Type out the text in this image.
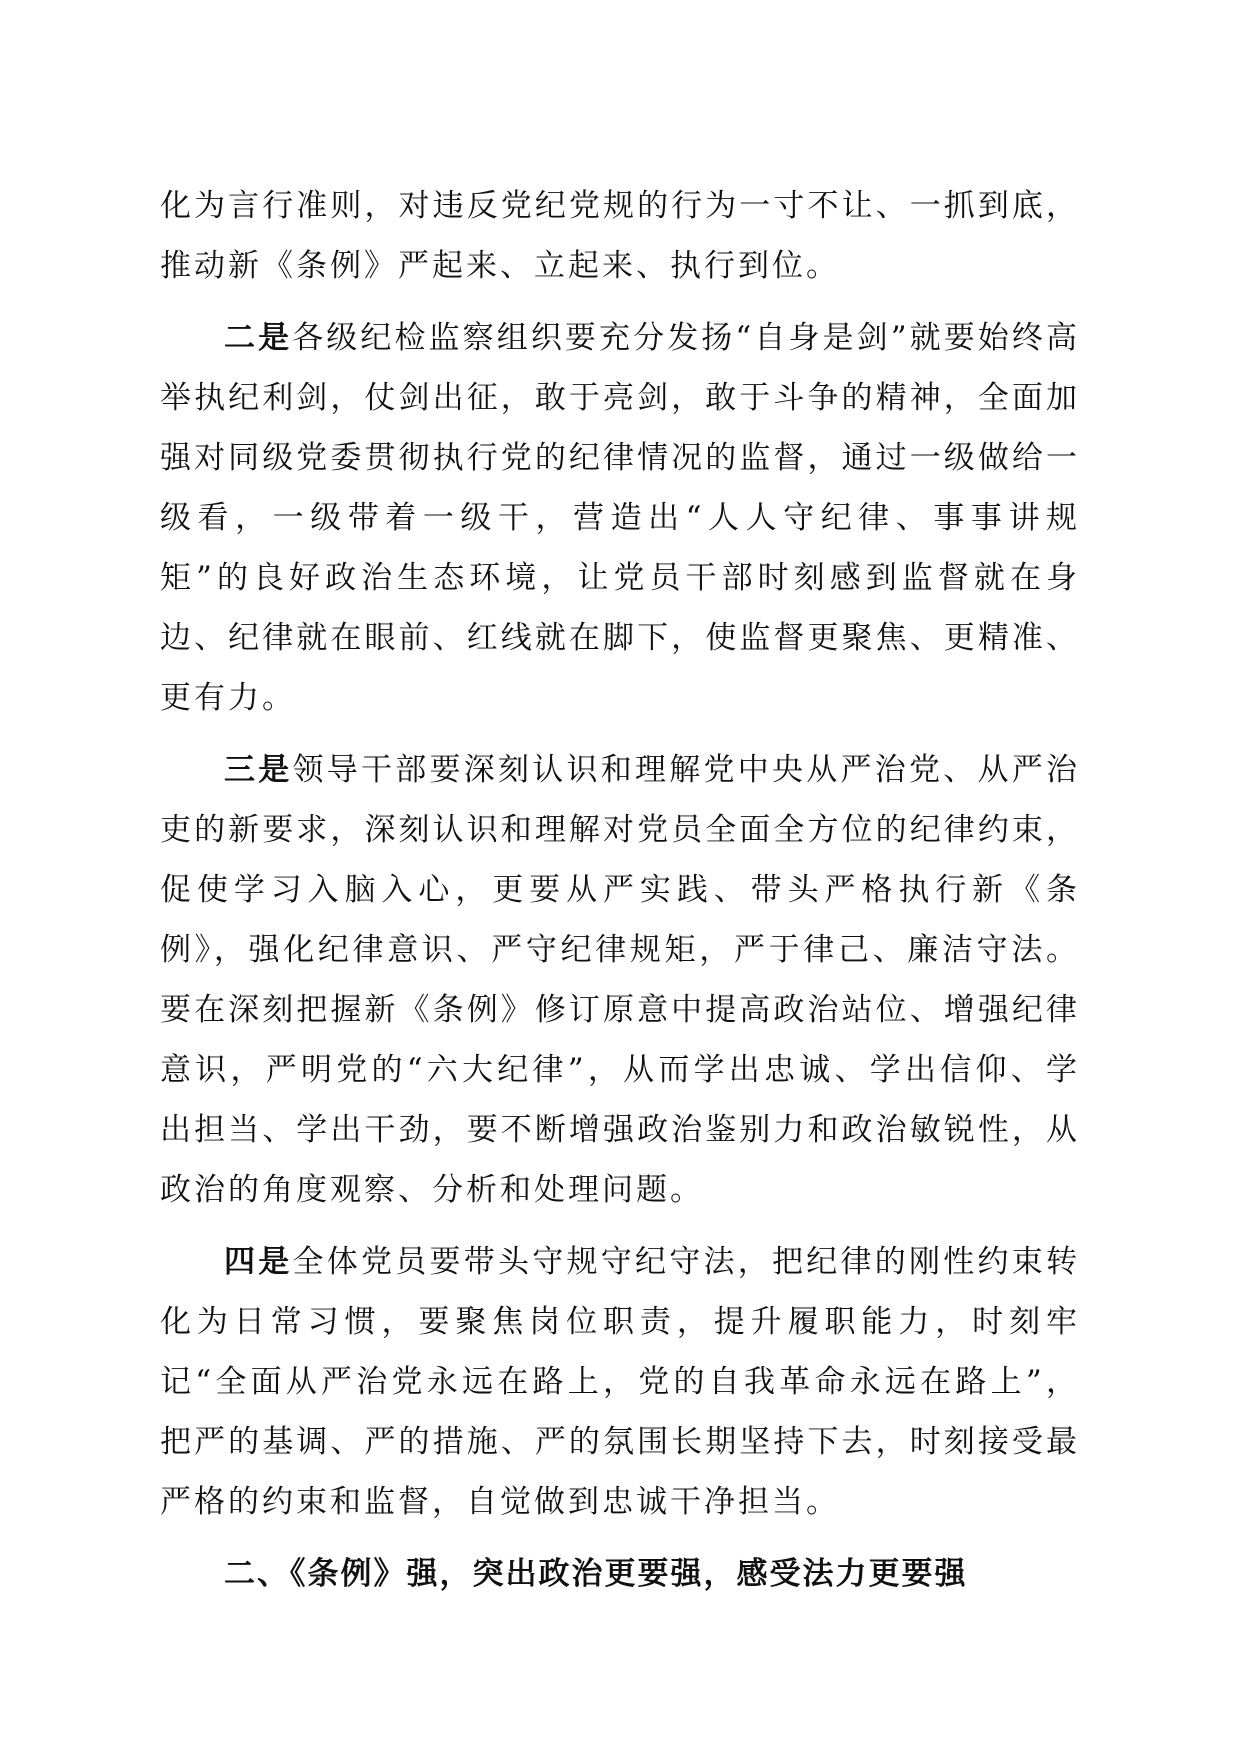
化为言行准则，对违反党纪党规的行为一寸不让、一抓到底，推动新《条例》严起来、立起来、执行到位。

二是各级纪检监察组织要充分发扬“自身是剑”就要始终高举执纪利剑，仗剑出征，敢于亮剑，敢于斗争的精神，全面加强对同级党委贯彻执行党的纪律情况的监督，通过一级做给一级看，一级带着一级干，营造出“人人守纪律、事事讲规矩”的良好政治生态环境，让党员干部时刻感到监督就在身边、纪律就在眼前、红线就在脚下，使监督更聚焦、更精准、更有力。

三是领导干部要深刻认识和理解党中央从严治党、从严治吏的新要求，深刻认识和理解对党员全面全方位的纪律约束，促使学习入脑入心，更要从严实践、带头严格执行新《条例》，强化纪律意识、严守纪律规矩，严于律己、廉洁守法。要在深刻把握新《条例》修订原意中提高政治站位、增强纪律意识，严明党的“六大纪律”，从而学出忠诚、学出信仰、学出担当、学出干劲，要不断增强政治鉴别力和政治敏锐性，从政治的角度观察、分析和处理问题。

四是全体党员要带头守规守纪守法，把纪律的刚性约束转化为日常习惯，要聚焦岗位职责，提升履职能力，时刻牢记“全面从严治党永远在路上，党的自我革命永远在路上”，把严的基调、严的措施、严的氛围长期坚持下去，时刻接受最严格的约束和监督，自觉做到忠诚干净担当。

二、《条例》强，突出政治更要强，感受法力更要强
